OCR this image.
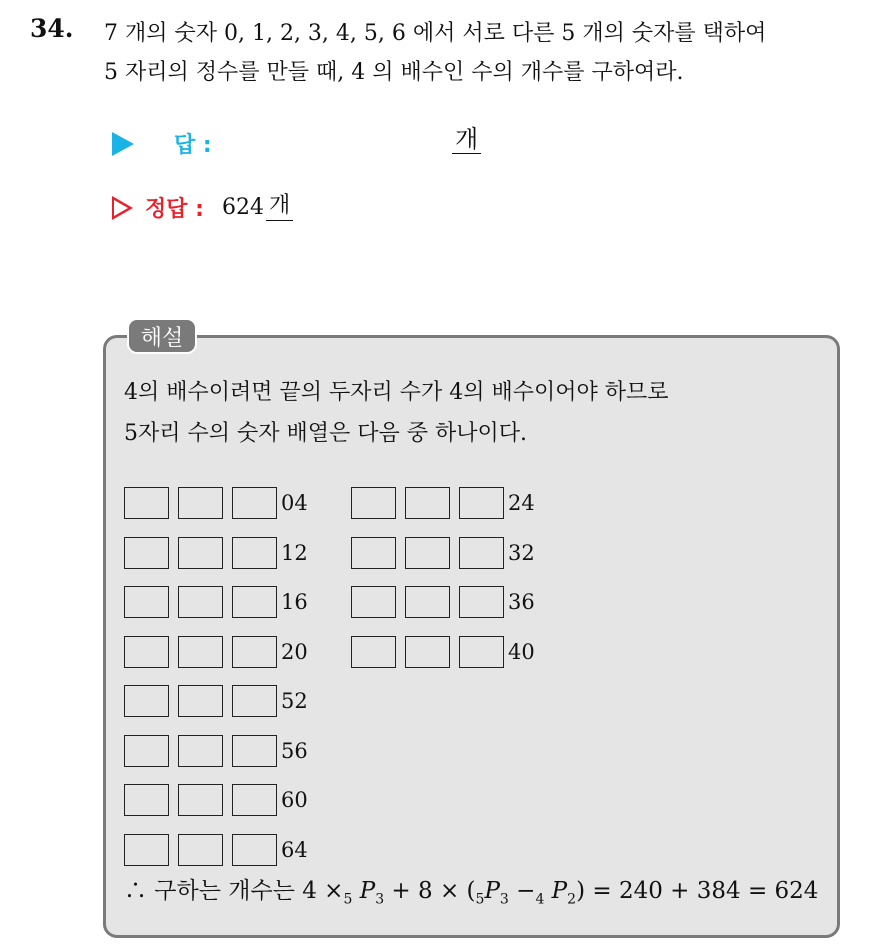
34. 7 개의 숫자 0, 1, 2, 3, 4, 5, 6 에서 서로 다른 5 개의 숫자를 택하여
5 자리의 정수를 만들 때, 4 의 배수인 수의 개수를 구하여라.
답 :	개
정답 : 624 개
해설
4의 배수이려면 끝의 두자리 수가 4의 배수이어야 하므로
5자리 수의 숫자 배열은 다음 중 하나이다.
04
12
16
20
52
56
60
64
24
32
36
40
∴ 구하는 개수는 $4 \times_5$ $P_3 + 8 \times (_5P_3 -_4$ $P_2) = 240 + 384 = 624$
